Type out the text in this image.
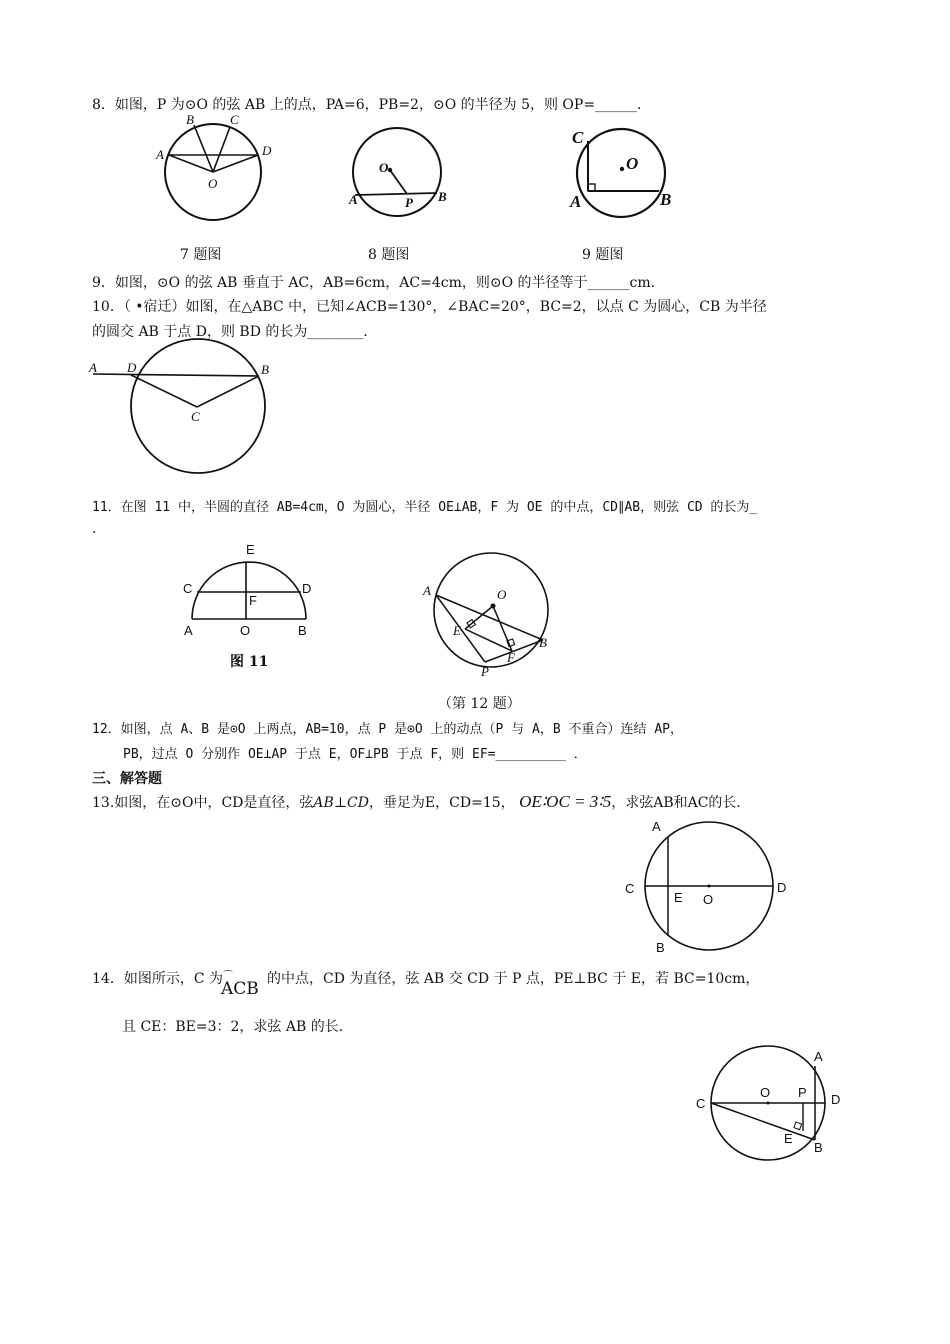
8．如图，P 为⊙O 的弦 AB 上的点，PA=6，PB=2，⊙O 的半径为 5，则 OP=______．
A
B	C
D
O
O
A	P B
C
O
A	B
7 题图	8 题图	9 题图
9．如图，⊙O 的弦 AB 垂直于 AC，AB=6cm，AC=4cm，则⊙O 的半径等于______cm．
10．（ •宿迁）如图，在△ABC 中，已知∠ACB=130°，∠BAC=20°，BC=2，以点 C 为圆心，CB 为半径
的圆交 AB 于点 D，则 BD 的长为________．
A D	B
C
11．在图 11 中，半圆的直径 AB=4cm，O 为圆心，半径 OE⊥AB，F 为 OE 的中点，CD∥AB，则弦 CD 的长为_
．
E
C	D
F
A	O	B
图 11
A	O
E
B
F
P
（第 12 题）
12．如图，点 A、B 是⊙O 上两点，AB=10，点 P 是⊙O 上的动点（P 与 A，B 不重合）连结 AP，
PB，过点 O 分别作 OE⊥AP 于点 E，OF⊥PB 于点 F，则 EF=_________ ．
三、解答题
13.如图，在⊙O中，CD是直径，弦AB⊥CD，垂足为E，CD=15， OE∶OC = 3∶5，求弦AB和AC的长.
A
C
E O
D
B
14．如图所示，C 为 ⌒
ACB 的中点，CD 为直径，弦 AB 交 CD 于 P 点，PE⊥BC 于 E，若 BC=10cm，
且 CE：BE=3：2，求弦 AB 的长．
A
O P D
C
E
B
